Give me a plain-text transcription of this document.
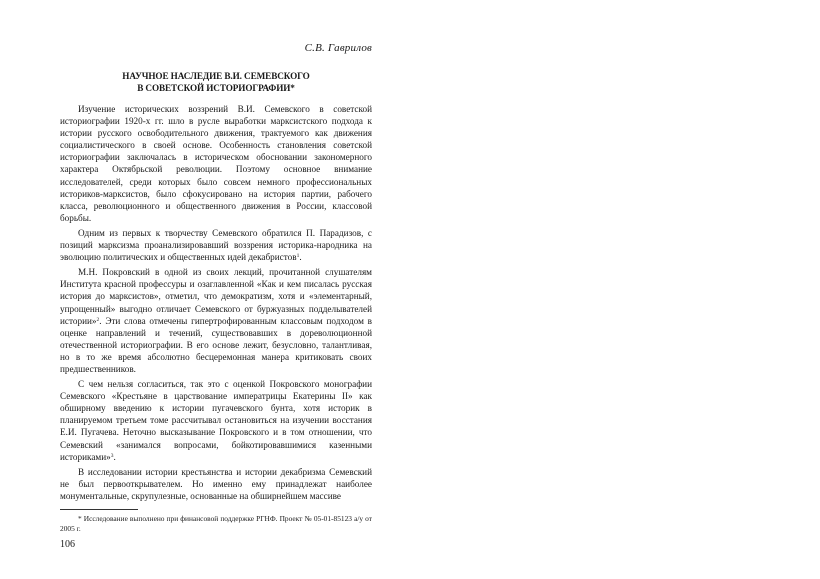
С.В. Гаврилов
НАУЧНОЕ НАСЛЕДИЕ В.И. СЕМЕВСКОГО
В СОВЕТСКОЙ ИСТОРИОГРАФИИ*

Изучение исторических воззрений В.И. Семевского в советской историографии 1920-х гг. шло в русле выработки марксистского подхода к истории русского освободительного движения, трактуемого как движения социалистического в своей основе. Особенность становления советской историографии заключалась в историческом обосновании закономерного характера Октябрьской революции. Поэтому основное внимание исследователей, среди которых было совсем немного профессиональных историков-марксистов, было сфокусировано на история партии, рабочего класса, революционного и общественного движения в России, классовой борьбы.

Одним из первых к творчеству Семевского обратился П. Парадизов, с позиций марксизма проанализировавший воззрения историка-народника на эволюцию политических и общественных идей декабристов$^1$.

М.Н. Покровский в одной из своих лекций, прочитанной слушателям Института красной профессуры и озаглавленной «Как и кем писалась русская история до марксистов», отметил, что демократизм, хотя и «элементарный, упрощенный» выгодно отличает Семевского от буржуазных подделывателей истории»$^2$. Эти слова отмечены гипертрофированным классовым подходом в оценке направлений и течений, существовавших в дореволюционной отечественной историографии. В его основе лежит, безусловно, талантливая, но в то же время абсолютно бесцеремонная манера критиковать своих предшественников.

С чем нельзя согласиться, так это с оценкой Покровского монографии Семевского «Крестьяне в царствование императрицы Екатерины II» как обширному введению к истории пугачевского бунта, хотя историк в планируемом третьем томе рассчитывал остановиться на изучении восстания Е.И. Пугачева. Неточно высказывание Покровского и в том отношении, что Семевский «занимался вопросами, бойкотировавшимися казенными историками»$^3$.

В исследовании истории крестьянства и истории декабризма Семевский не был первооткрывателем. Но именно ему принадлежат наиболее монументальные, скрупулезные, основанные на обширнейшем массиве

* Исследование выполнено при финансовой поддержке РГНФ. Проект № 05-01-85123 а/у от 2005 г.

106
